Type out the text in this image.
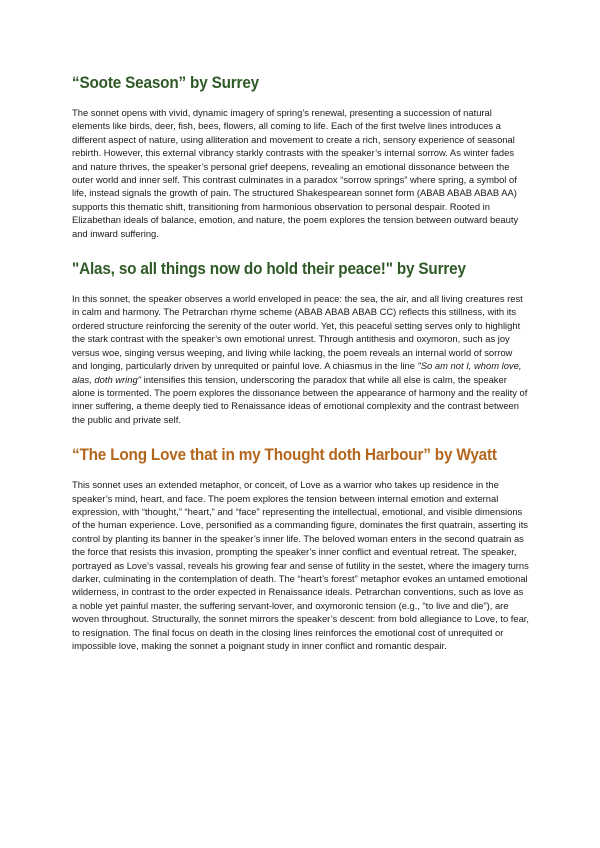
“Soote Season” by Surrey

The sonnet opens with vivid, dynamic imagery of spring’s renewal, presenting a succession of natural elements like birds, deer, fish, bees, flowers, all coming to life. Each of the first twelve lines introduces a different aspect of nature, using alliteration and movement to create a rich, sensory experience of seasonal rebirth. However, this external vibrancy starkly contrasts with the speaker’s internal sorrow. As winter fades and nature thrives, the speaker’s personal grief deepens, revealing an emotional dissonance between the outer world and inner self. This contrast culminates in a paradox “sorrow springs” where spring, a symbol of life, instead signals the growth of pain. The structured Shakespearean sonnet form (ABAB ABAB ABAB AA) supports this thematic shift, transitioning from harmonious observation to personal despair. Rooted in Elizabethan ideals of balance, emotion, and nature, the poem explores the tension between outward beauty and inward suffering.

"Alas, so all things now do hold their peace!" by Surrey

In this sonnet, the speaker observes a world enveloped in peace: the sea, the air, and all living creatures rest in calm and harmony. The Petrarchan rhyme scheme (ABAB ABAB ABAB CC) reflects this stillness, with its ordered structure reinforcing the serenity of the outer world. Yet, this peaceful setting serves only to highlight the stark contrast with the speaker’s own emotional unrest. Through antithesis and oxymoron, such as joy versus woe, singing versus weeping, and living while lacking, the poem reveals an internal world of sorrow and longing, particularly driven by unrequited or painful love. A chiasmus in the line "So am not I, whom love, alas, doth wring" intensifies this tension, underscoring the paradox that while all else is calm, the speaker alone is tormented. The poem explores the dissonance between the appearance of harmony and the reality of inner suffering, a theme deeply tied to Renaissance ideas of emotional complexity and the contrast between the public and private self.

“The Long Love that in my Thought doth Harbour” by Wyatt

This sonnet uses an extended metaphor, or conceit, of Love as a warrior who takes up residence in the speaker’s mind, heart, and face. The poem explores the tension between internal emotion and external expression, with “thought,” “heart,” and “face” representing the intellectual, emotional, and visible dimensions of the human experience. Love, personified as a commanding figure, dominates the first quatrain, asserting its control by planting its banner in the speaker’s inner life. The beloved woman enters in the second quatrain as the force that resists this invasion, prompting the speaker’s inner conflict and eventual retreat. The speaker, portrayed as Love’s vassal, reveals his growing fear and sense of futility in the sestet, where the imagery turns darker, culminating in the contemplation of death. The “heart’s forest” metaphor evokes an untamed emotional wilderness, in contrast to the order expected in Renaissance ideals. Petrarchan conventions, such as love as a noble yet painful master, the suffering servant-lover, and oxymoronic tension (e.g., “to live and die”), are woven throughout. Structurally, the sonnet mirrors the speaker’s descent: from bold allegiance to Love, to fear, to resignation. The final focus on death in the closing lines reinforces the emotional cost of unrequited or impossible love, making the sonnet a poignant study in inner conflict and romantic despair.
